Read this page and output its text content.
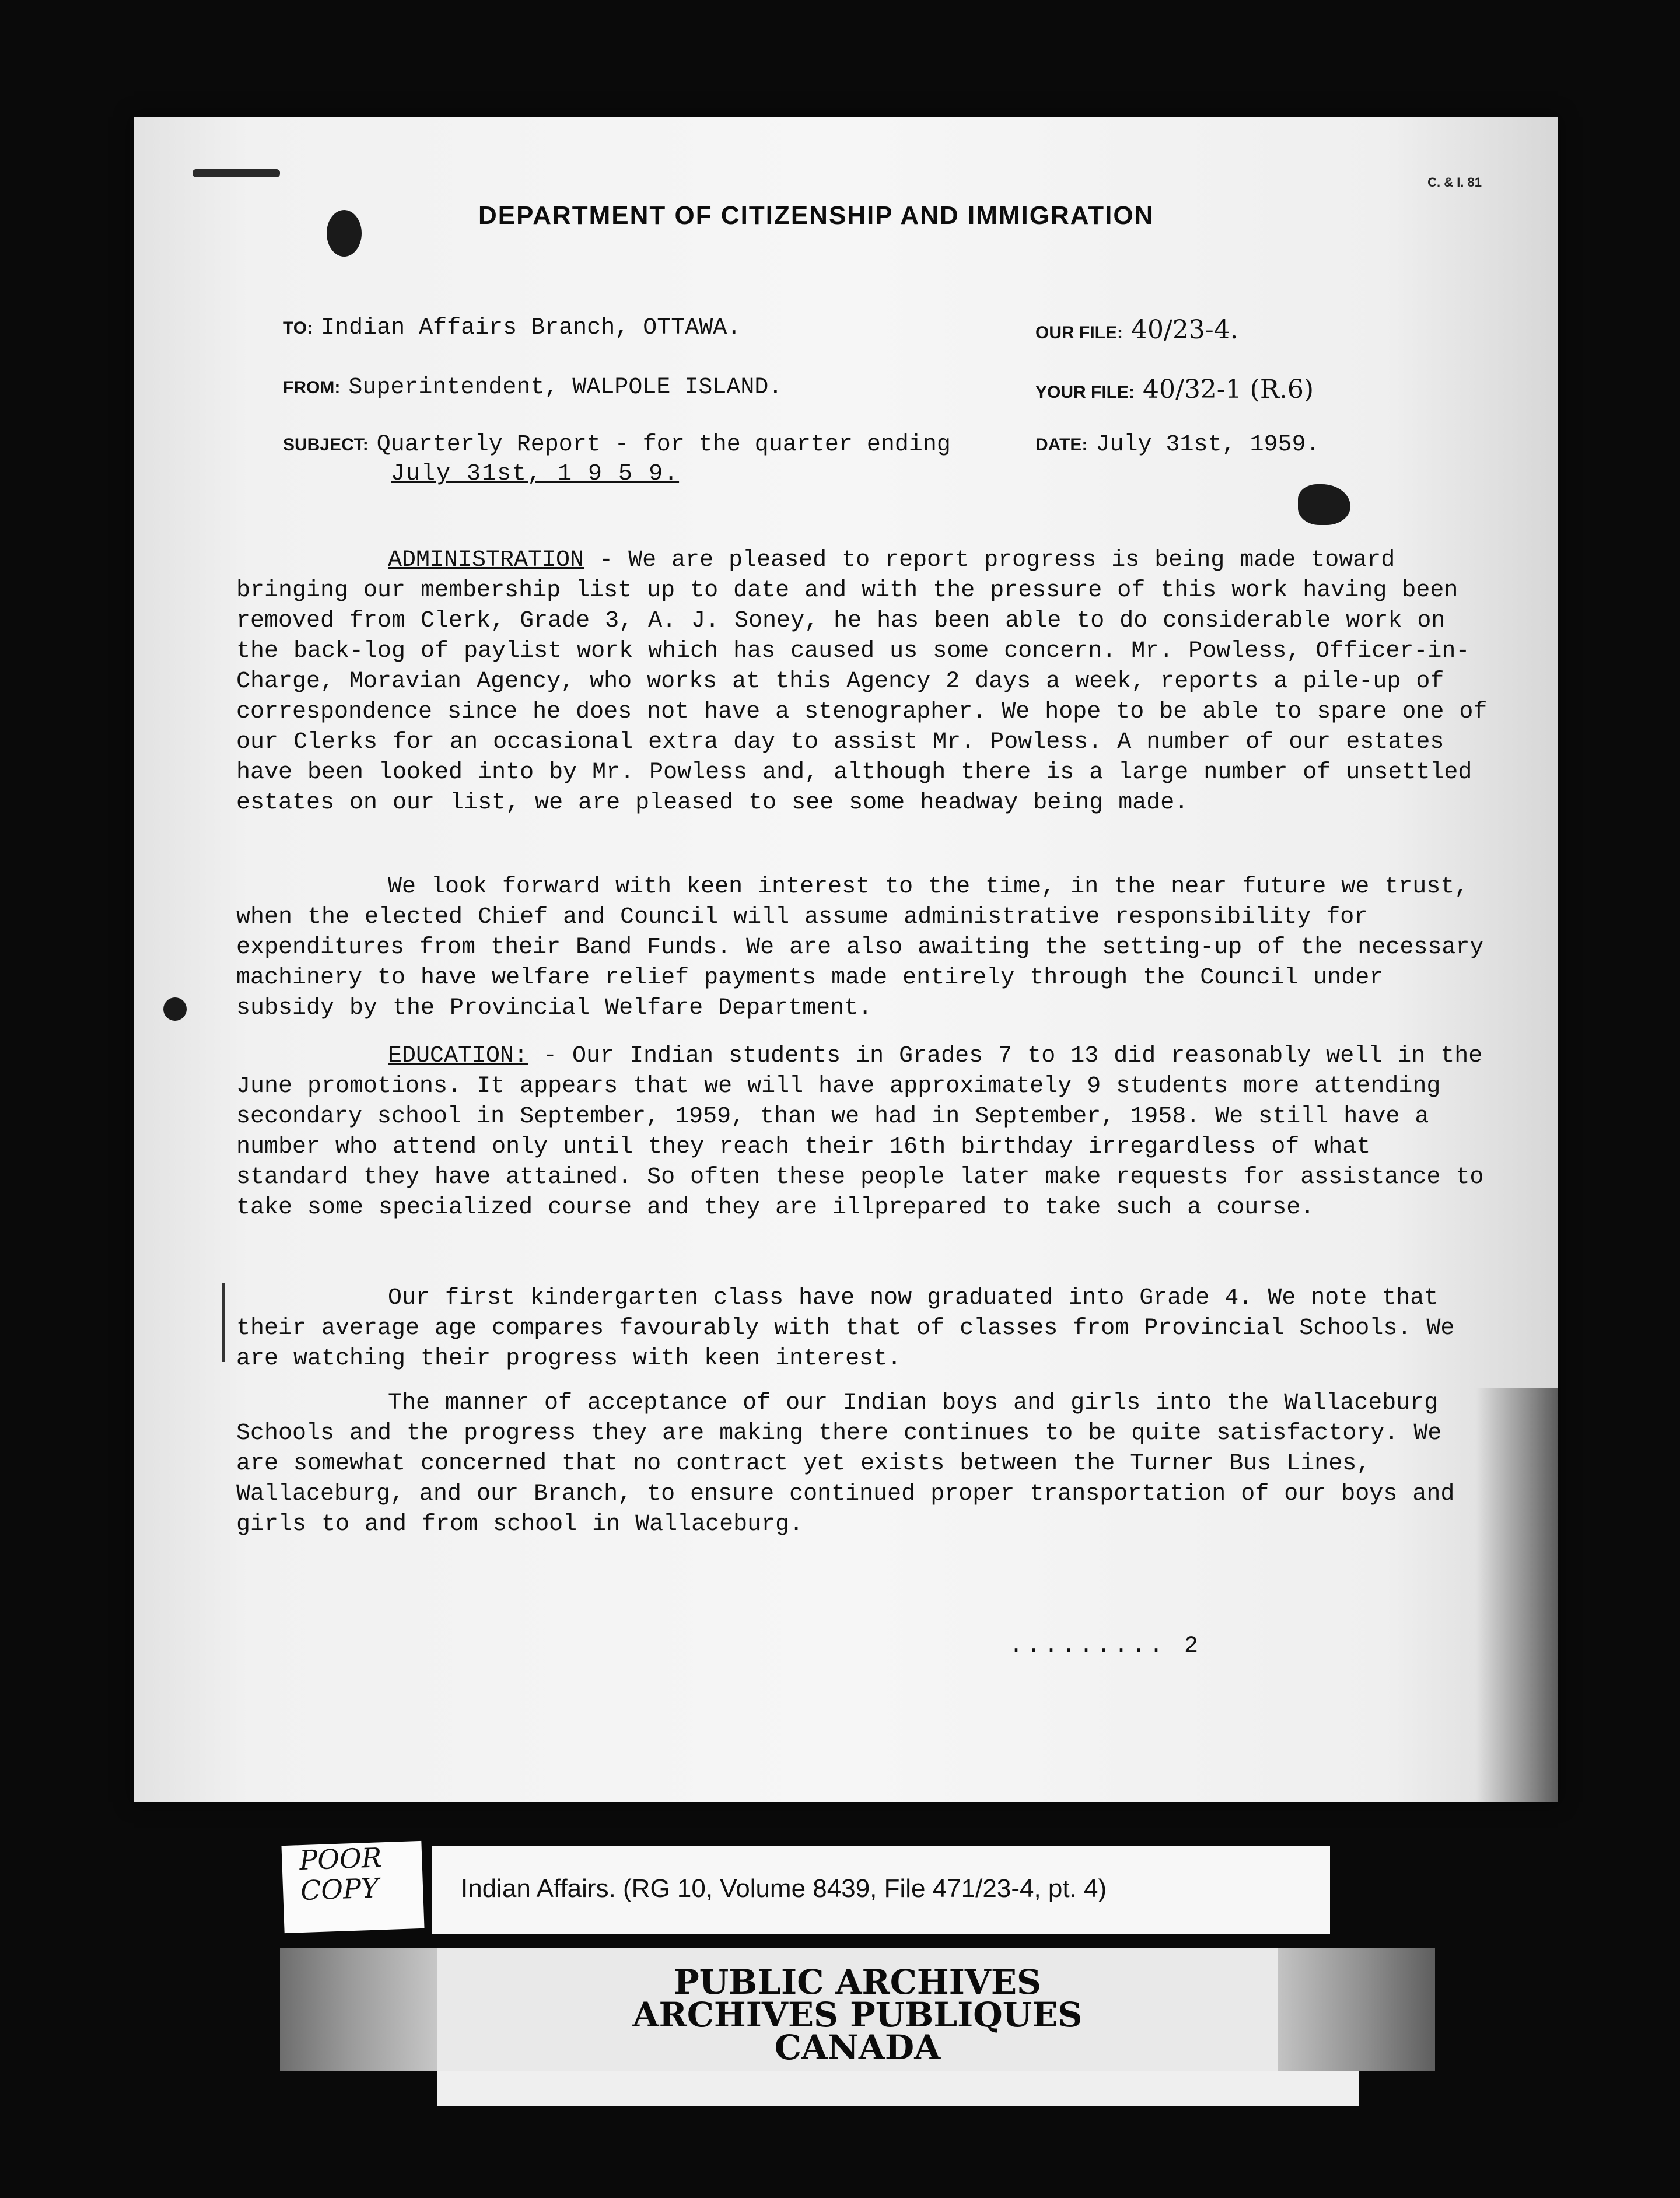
C. & I. 81
DEPARTMENT OF CITIZENSHIP AND IMMIGRATION
TO: Indian Affairs Branch, OTTAWA.	OUR FILE: 40/23-4.
FROM: Superintendent, WALPOLE ISLAND.	YOUR FILE: 40/32-1 (R.6)
SUBJECT: Quarterly Report - for the quarter ending	DATE: July 31st, 1959.
July 31st, 1 9 5 9.

ADMINISTRATION - We are pleased to report progress is being made toward bringing our membership list up to date and with the pressure of this work having been removed from Clerk, Grade 3, A. J. Soney, he has been able to do considerable work on the back-log of paylist work which has caused us some concern. Mr. Powless, Officer-in-Charge, Moravian Agency, who works at this Agency 2 days a week, reports a pile-up of correspondence since he does not have a stenographer. We hope to be able to spare one of our Clerks for an occasional extra day to assist Mr. Powless. A number of our estates have been looked into by Mr. Powless and, although there is a large number of unsettled estates on our list, we are pleased to see some headway being made.

We look forward with keen interest to the time, in the near future we trust, when the elected Chief and Council will assume administrative responsibility for expenditures from their Band Funds. We are also awaiting the setting-up of the necessary machinery to have welfare relief payments made entirely through the Council under subsidy by the Provincial Welfare Department.

EDUCATION: - Our Indian students in Grades 7 to 13 did reasonably well in the June promotions. It appears that we will have approximately 9 students more attending secondary school in September, 1959, than we had in September, 1958. We still have a number who attend only until they reach their 16th birthday irregardless of what standard they have attained. So often these people later make requests for assistance to take some specialized course and they are illprepared to take such a course.

Our first kindergarten class have now graduated into Grade 4. We note that their average age compares favourably with that of classes from Provincial Schools. We are watching their progress with keen interest.

The manner of acceptance of our Indian boys and girls into the Wallaceburg Schools and the progress they are making there continues to be quite satisfactory. We are somewhat concerned that no contract yet exists between the Turner Bus Lines, Wallaceburg, and our Branch, to ensure continued proper transportation of our boys and girls to and from school in Wallaceburg.

......... 2
POOR
COPY	Indian Affairs. (RG 10, Volume 8439, File 471/23-4, pt. 4)
PUBLIC ARCHIVES
ARCHIVES PUBLIQUES
CANADA
